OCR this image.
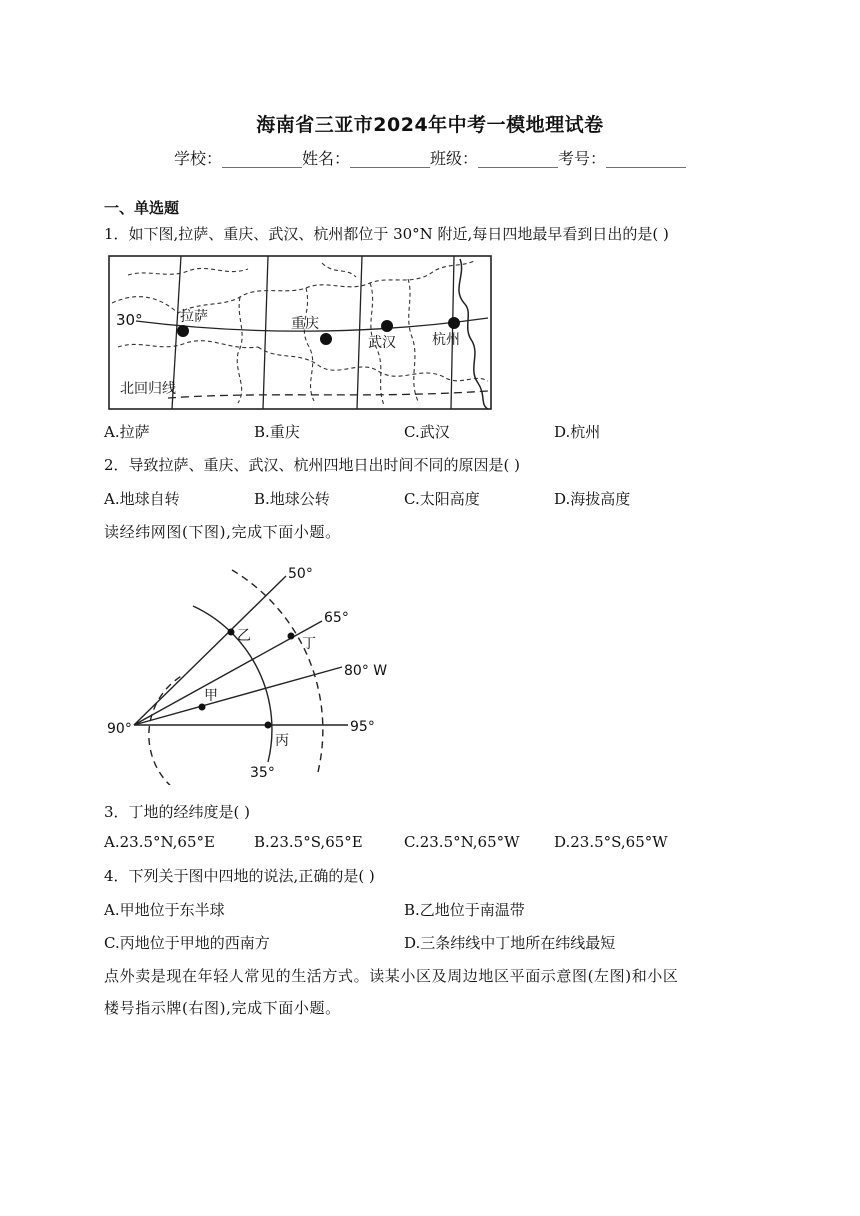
海南省三亚市2024年中考一模地理试卷
学校：__________姓名：__________班级：__________考号：__________
一、单选题
1．如下图,拉萨、重庆、武汉、杭州都位于 30°N 附近,每日四地最早看到日出的是( )
30°
北回归线
拉萨	重庆
武汉	杭州
A.拉萨	B.重庆	C.武汉	D.杭州
2．导致拉萨、重庆、武汉、杭州四地日出时间不同的原因是( )
A.地球自转	B.地球公转	C.太阳高度	D.海拔高度
读经纬网图(下图),完成下面小题。
甲
乙
丙
丁
50°
65°
80° W
95°
90°
35°
3．丁地的经纬度是( )
A.23.5°N,65°E	B.23.5°S,65°E	C.23.5°N,65°W D.23.5°S,65°W
4．下列关于图中四地的说法,正确的是( )
A.甲地位于东半球	B.乙地位于南温带
C.丙地位于甲地的西南方	D.三条纬线中丁地所在纬线最短
点外卖是现在年轻人常见的生活方式。读某小区及周边地区平面示意图(左图)和小区
楼号指示牌(右图),完成下面小题。
